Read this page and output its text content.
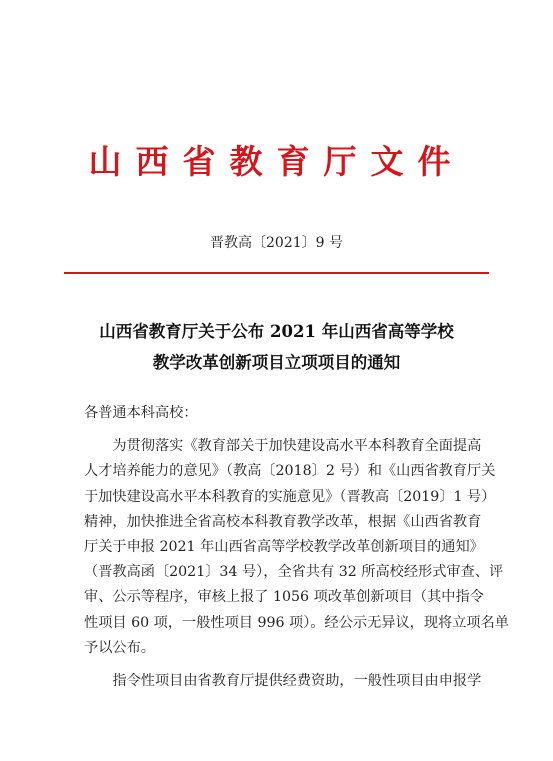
山西省教育厅文件
晋教高〔2021〕9 号
山西省教育厅关于公布 2021 年山西省高等学校
教学改革创新项目立项项目的通知
各普通本科高校：
　　为贯彻落实《教育部关于加快建设高水平本科教育全面提高
人才培养能力的意见》（教高〔2018〕2 号）和《山西省教育厅关
于加快建设高水平本科教育的实施意见》（晋教高〔2019〕1 号）
精神，加快推进全省高校本科教育教学改革，根据《山西省教育
厅关于申报 2021 年山西省高等学校教学改革创新项目的通知》
（晋教高函〔2021〕34 号），全省共有 32 所高校经形式审查、评
审、公示等程序，审核上报了 1056 项改革创新项目（其中指令
性项目 60 项，一般性项目 996 项）。经公示无异议，现将立项名单
予以公布。
　　指令性项目由省教育厅提供经费资助，一般性项目由申报学
